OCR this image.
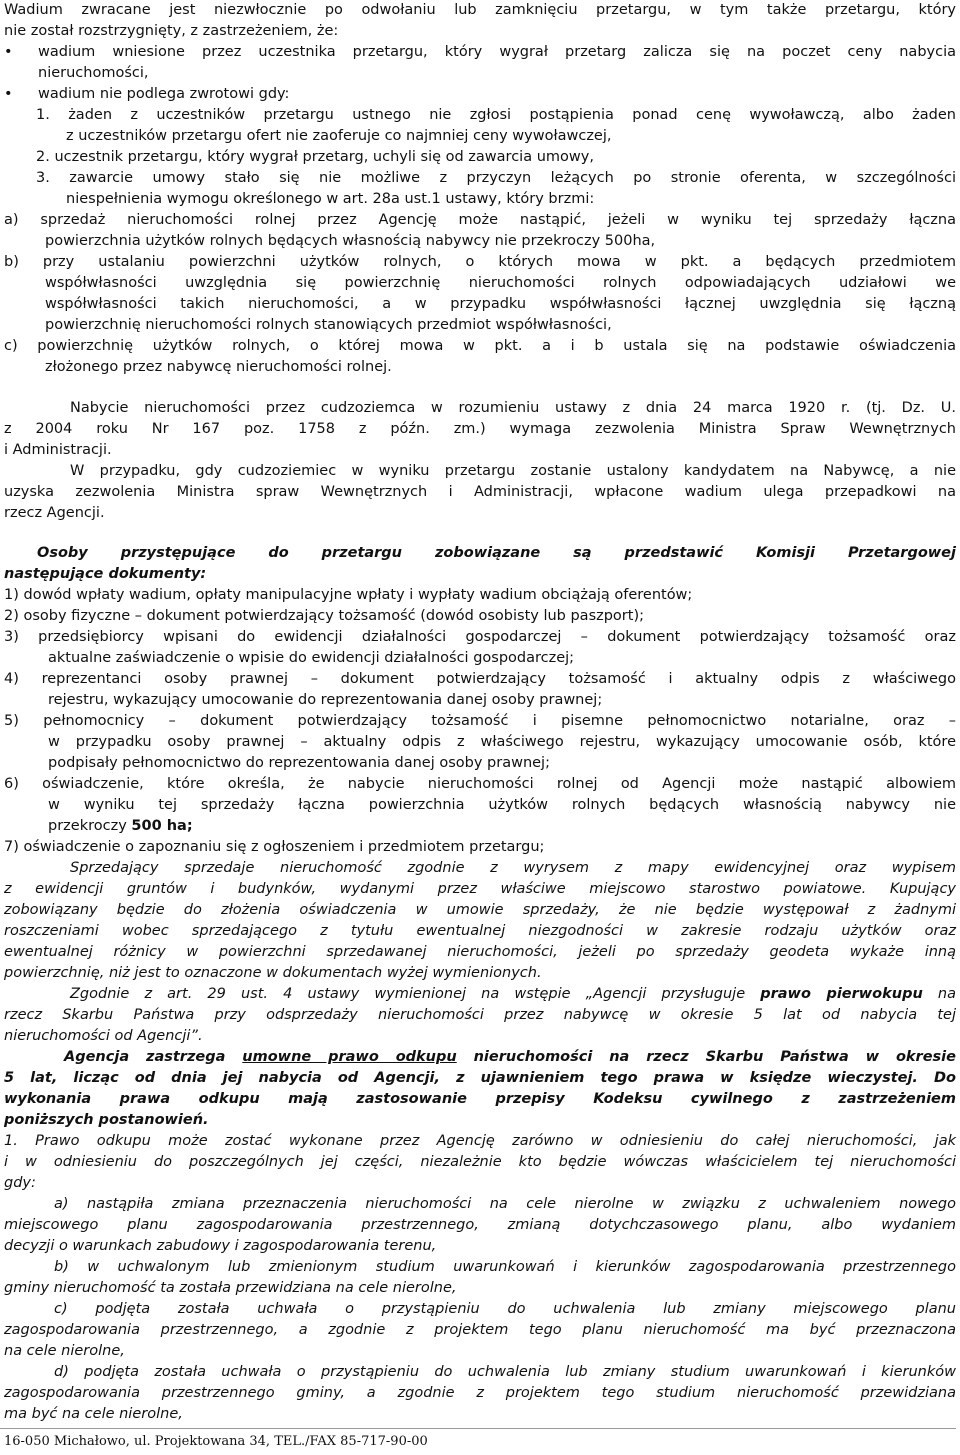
Wadium zwracane jest niezwłocznie po odwołaniu lub zamknięciu przetargu, w tym także przetargu, który
nie został rozstrzygnięty, z zastrzeżeniem, że:
• wadium wniesione przez uczestnika przetargu, który wygrał przetarg zalicza się na poczet ceny nabycia
nieruchomości,
• wadium nie podlega zwrotowi gdy:
1. żaden z uczestników przetargu ustnego nie zgłosi postąpienia ponad cenę wywoławczą, albo żaden
z uczestników przetargu ofert nie zaoferuje co najmniej ceny wywoławczej,
2. uczestnik przetargu, który wygrał przetarg, uchyli się od zawarcia umowy,
3. zawarcie umowy stało się nie możliwe z przyczyn leżących po stronie oferenta, w szczególności
niespełnienia wymogu określonego w art. 28a ust.1 ustawy, który brzmi:
a) sprzedaż nieruchomości rolnej przez Agencję może nastąpić, jeżeli w wyniku tej sprzedaży łączna
powierzchnia użytków rolnych będących własnością nabywcy nie przekroczy 500ha,
b) przy ustalaniu powierzchni użytków rolnych, o których mowa w pkt. a będących przedmiotem
współwłasności uwzględnia się powierzchnię nieruchomości rolnych odpowiadających udziałowi we
współwłasności takich nieruchomości, a w przypadku współwłasności łącznej uwzględnia się łączną
powierzchnię nieruchomości rolnych stanowiących przedmiot współwłasności,
c) powierzchnię użytków rolnych, o której mowa w pkt. a i b ustala się na podstawie oświadczenia
złożonego przez nabywcę nieruchomości rolnej.
Nabycie nieruchomości przez cudzoziemca w rozumieniu ustawy z dnia 24 marca 1920 r. (tj. Dz. U.
z 2004 roku Nr 167 poz. 1758 z późn. zm.) wymaga zezwolenia Ministra Spraw Wewnętrznych
i Administracji.
W przypadku, gdy cudzoziemiec w wyniku przetargu zostanie ustalony kandydatem na Nabywcę, a nie
uzyska zezwolenia Ministra spraw Wewnętrznych i Administracji, wpłacone wadium ulega przepadkowi na
rzecz Agencji.
Osoby przystępujące do przetargu zobowiązane są przedstawić Komisji Przetargowej
następujące dokumenty:
1) dowód wpłaty wadium, opłaty manipulacyjne wpłaty i wypłaty wadium obciążają oferentów;
2) osoby fizyczne – dokument potwierdzający tożsamość (dowód osobisty lub paszport);
3) przedsiębiorcy wpisani do ewidencji działalności gospodarczej – dokument potwierdzający tożsamość oraz
aktualne zaświadczenie o wpisie do ewidencji działalności gospodarczej;
4) reprezentanci osoby prawnej – dokument potwierdzający tożsamość i aktualny odpis z właściwego
rejestru, wykazujący umocowanie do reprezentowania danej osoby prawnej;
5) pełnomocnicy – dokument potwierdzający tożsamość i pisemne pełnomocnictwo notarialne, oraz –
w przypadku osoby prawnej – aktualny odpis z właściwego rejestru, wykazujący umocowanie osób, które
podpisały pełnomocnictwo do reprezentowania danej osoby prawnej;
6) oświadczenie, które określa, że nabycie nieruchomości rolnej od Agencji może nastąpić albowiem
w wyniku tej sprzedaży łączna powierzchnia użytków rolnych będących własnością nabywcy nie
przekroczy 500 ha;
7) oświadczenie o zapoznaniu się z ogłoszeniem i przedmiotem przetargu;
Sprzedający sprzedaje nieruchomość zgodnie z wyrysem z mapy ewidencyjnej oraz wypisem
z ewidencji gruntów i budynków, wydanymi przez właściwe miejscowo starostwo powiatowe. Kupujący
zobowiązany będzie do złożenia oświadczenia w umowie sprzedaży, że nie będzie występował z żadnymi
roszczeniami wobec sprzedającego z tytułu ewentualnej niezgodności w zakresie rodzaju użytków oraz
ewentualnej różnicy w powierzchni sprzedawanej nieruchomości, jeżeli po sprzedaży geodeta wykaże inną
powierzchnię, niż jest to oznaczone w dokumentach wyżej wymienionych.
Zgodnie z art. 29 ust. 4 ustawy wymienionej na wstępie „Agencji przysługuje prawo pierwokupu na
rzecz Skarbu Państwa przy odsprzedaży nieruchomości przez nabywcę w okresie 5 lat od nabycia tej
nieruchomości od Agencji”.
Agencja zastrzega umowne prawo odkupu nieruchomości na rzecz Skarbu Państwa w okresie
5 lat, licząc od dnia jej nabycia od Agencji, z ujawnieniem tego prawa w księdze wieczystej. Do
wykonania prawa odkupu mają zastosowanie przepisy Kodeksu cywilnego z zastrzeżeniem
poniższych postanowień.
1. Prawo odkupu może zostać wykonane przez Agencję zarówno w odniesieniu do całej nieruchomości, jak
i w odniesieniu do poszczególnych jej części, niezależnie kto będzie wówczas właścicielem tej nieruchomości
gdy:
a) nastąpiła zmiana przeznaczenia nieruchomości na cele nierolne w związku z uchwaleniem nowego
miejscowego planu zagospodarowania przestrzennego, zmianą dotychczasowego planu, albo wydaniem
decyzji o warunkach zabudowy i zagospodarowania terenu,
b) w uchwalonym lub zmienionym studium uwarunkowań i kierunków zagospodarowania przestrzennego
gminy nieruchomość ta została przewidziana na cele nierolne,
c) podjęta została uchwała o przystąpieniu do uchwalenia lub zmiany miejscowego planu
zagospodarowania przestrzennego, a zgodnie z projektem tego planu nieruchomość ma być przeznaczona
na cele nierolne,
d) podjęta została uchwała o przystąpieniu do uchwalenia lub zmiany studium uwarunkowań i kierunków
zagospodarowania przestrzennego gminy, a zgodnie z projektem tego studium nieruchomość przewidziana
ma być na cele nierolne,
16-050 Michałowo, ul. Projektowana 34, TEL./FAX 85-717-90-00
